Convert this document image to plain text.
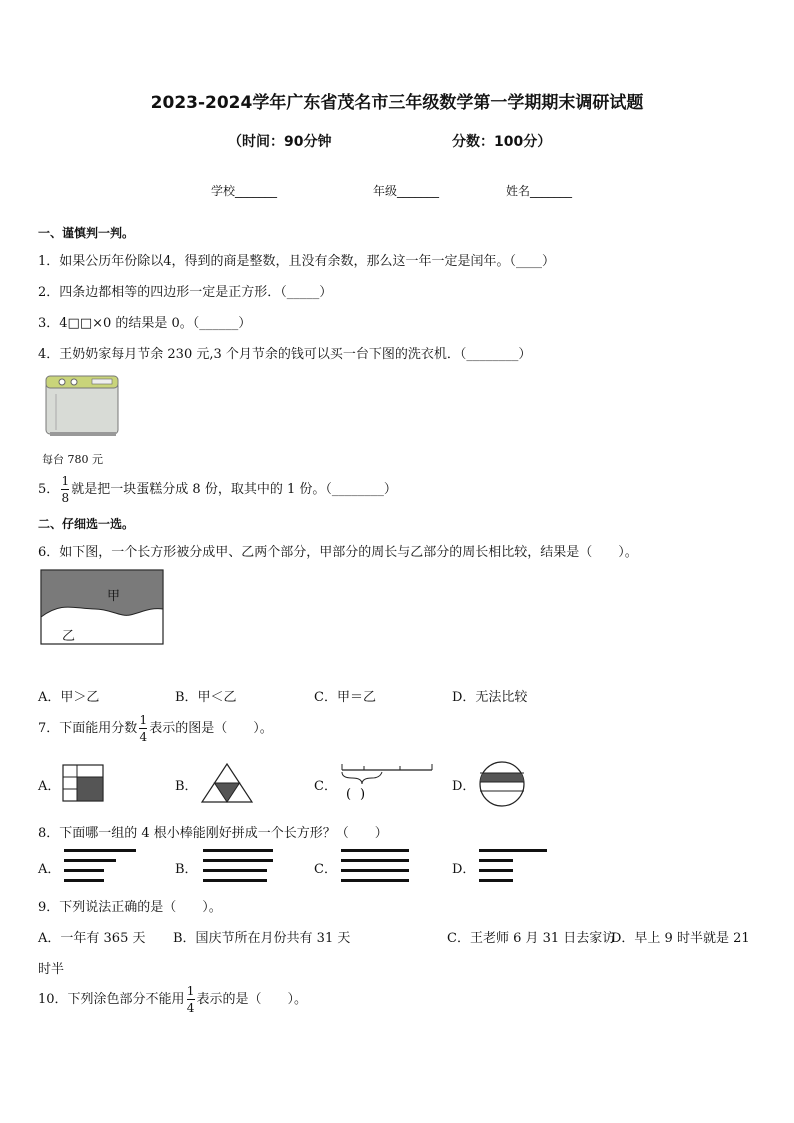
2023-2024学年广东省茂名市三年级数学第一学期期末调研试题
（时间：90分钟	分数：100分）
学校_______	年级_______	姓名_______
一、谨慎判一判。
1．如果公历年份除以4，得到的商是整数，且没有余数，那么这一年一定是闰年。（____）
2．四条边都相等的四边形一定是正方形．（_____）
3．4□□×0 的结果是 0。（______）
4．王奶奶家每月节余 230 元,3 个月节余的钱可以买一台下图的洗衣机．（________）
每台 780 元
5． $\frac{1}{8}$ 就是把一块蛋糕分成 8 份，取其中的 1 份。（________）
二、仔细选一选。
6．如下图，一个长方形被分成甲、乙两个部分，甲部分的周长与乙部分的周长相比较，结果是（　　）。
甲
乙
A．甲＞乙	B．甲＜乙	C．甲＝乙	D．无法比较
7．下面能用分数 $\frac{1}{4}$ 表示的图是（　　）。
A．	B．	C．
( )
D．
8．下面哪一组的 4 根小棒能刚好拼成一个长方形？（　　）
A．	B．	C．	D．
9．下列说法正确的是（　　）。
A．一年有 365 天 B．国庆节所在月份共有 31 天	C．王老师 6 月 31 日去家访
D．早上 9 时半就是 21
时半
10．下列涂色部分不能用 $\frac{1}{4}$ 表示的是（　　）。
